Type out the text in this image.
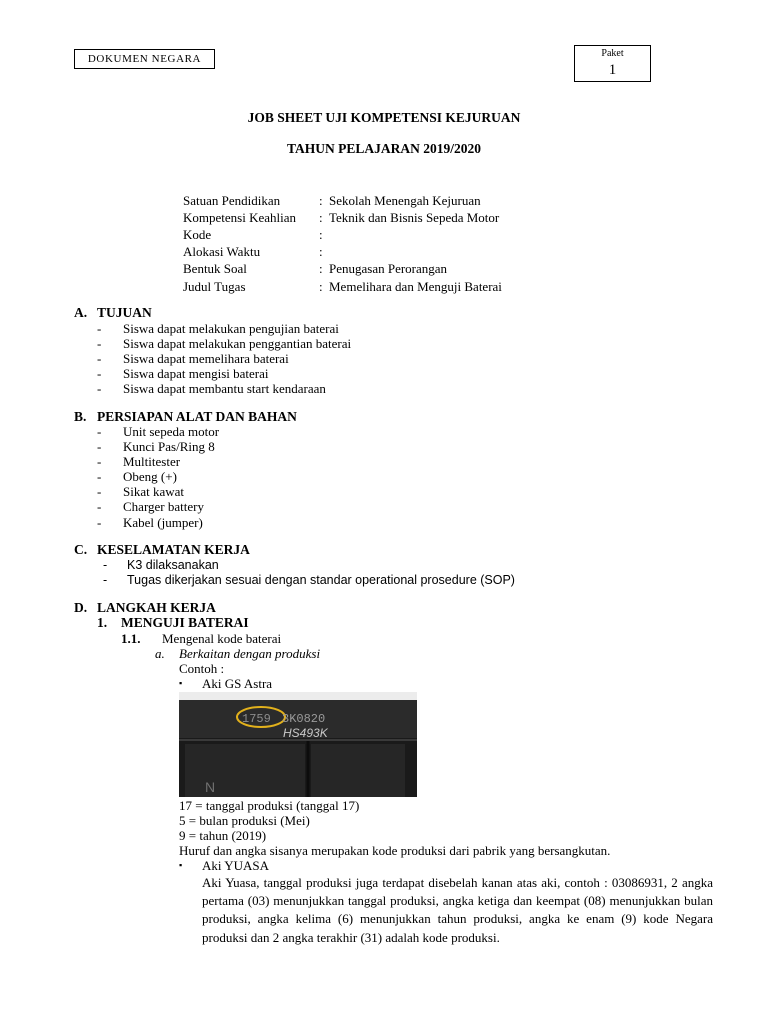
DOKUMEN NEGARA	Paket
1
JOB SHEET UJI KOMPETENSI KEJURUAN
TAHUN PELAJARAN 2019/2020
Satuan Pendidikan	: Sekolah Menengah Kejuruan
Kompetensi Keahlian	: Teknik dan Bisnis Sepeda Motor
Kode	:
Alokasi Waktu	:
Bentuk Soal	: Penugasan Perorangan
Judul Tugas	: Memelihara dan Menguji Baterai
A. TUJUAN
- Siswa dapat melakukan pengujian baterai
- Siswa dapat melakukan penggantian baterai
- Siswa dapat memelihara baterai
- Siswa dapat mengisi baterai
- Siswa dapat membantu start kendaraan
B. PERSIAPAN ALAT DAN BAHAN
- Unit sepeda motor
- Kunci Pas/Ring 8
- Multitester
- Obeng (+)
- Sikat kawat
- Charger battery
- Kabel (jumper)
C. KESELAMATAN KERJA
- K3 dilaksanakan
- Tugas dikerjakan sesuai dengan standar operational prosedure (SOP)
D. LANGKAH KERJA
1. MENGUJI BATERAI
1.1. Mengenal kode baterai
a. Berkaitan dengan produksi
Contoh :
▪ Aki GS Astra
1759 3K0820
HS493K
N
17 = tanggal produksi (tanggal 17)
5 = bulan produksi (Mei)
9 = tahun (2019)
Huruf dan angka sisanya merupakan kode produksi dari pabrik yang bersangkutan.
▪ Aki YUASA
Aki Yuasa, tanggal produksi juga terdapat disebelah kanan atas aki, contoh : 03086931, 2 angka pertama (03) menunjukkan tanggal produksi, angka ketiga dan keempat (08) menunjukkan bulan produksi, angka kelima (6) menunjukkan tahun produksi, angka ke enam (9) kode Negara produksi dan 2 angka terakhir (31) adalah kode produksi.
